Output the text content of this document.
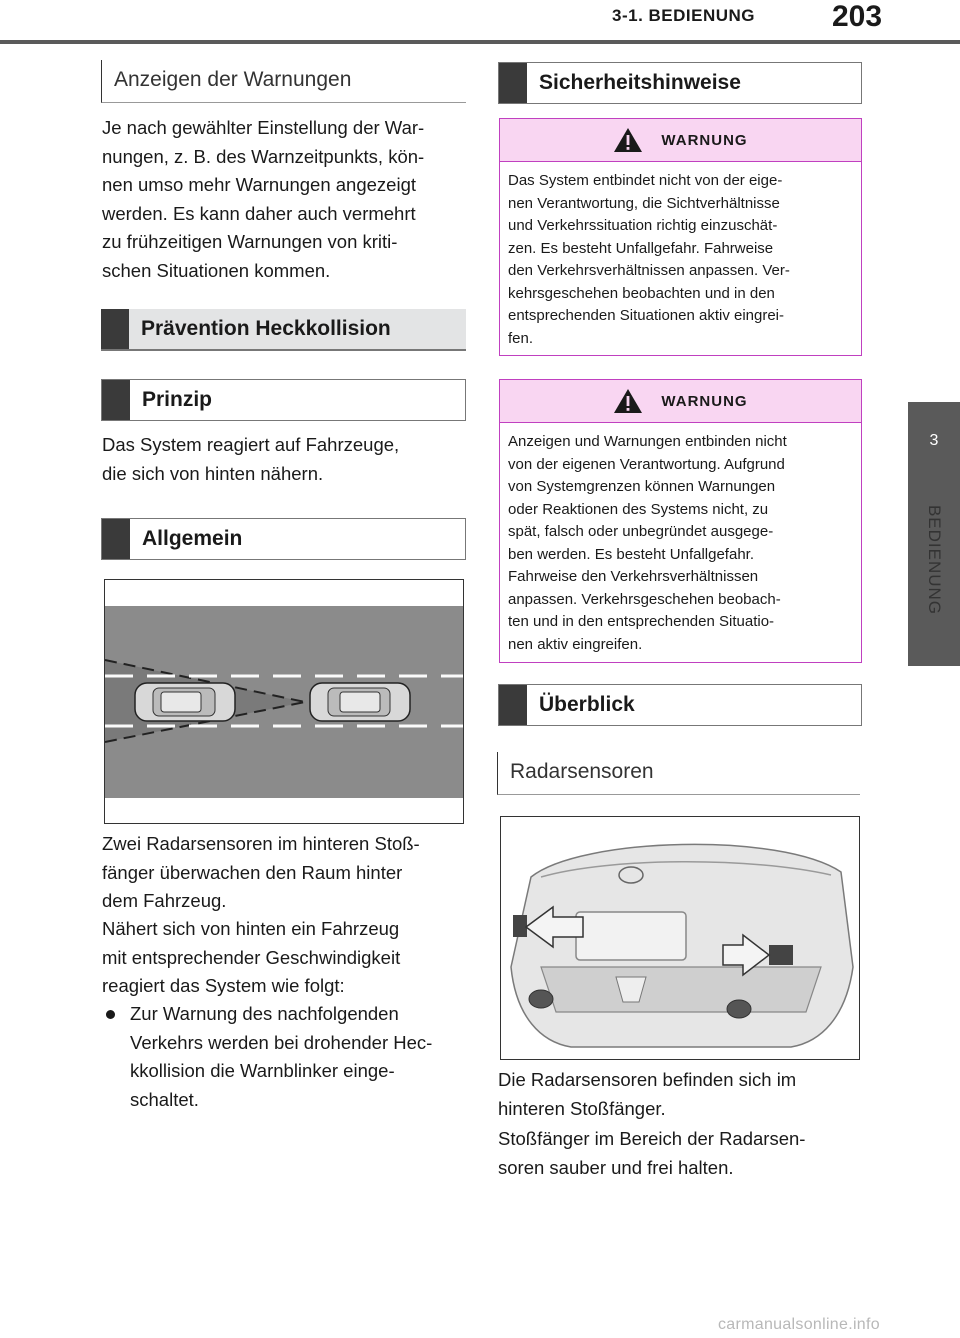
3-1. BEDIENUNG	203
3
BEDIENUNG
Anzeigen der Warnungen
Je nach gewählter Einstellung der War-
nungen, z. B. des Warnzeitpunkts, kön-
nen umso mehr Warnungen angezeigt
werden. Es kann daher auch vermehrt
zu frühzeitigen Warnungen von kriti-
schen Situationen kommen.
Prävention Heckkollision
Prinzip
Das System reagiert auf Fahrzeuge,
die sich von hinten nähern.
Allgemein
Zwei Radarsensoren im hinteren Stoß-
fänger überwachen den Raum hinter
dem Fahrzeug.
Nähert sich von hinten ein Fahrzeug
mit entsprechender Geschwindigkeit
reagiert das System wie folgt:
Zur Warnung des nachfolgenden
Verkehrs werden bei drohender Hec-
kkollision die Warnblinker einge-
schaltet.
Sicherheitshinweise
WARNUNG
Das System entbindet nicht von der eige-
nen Verantwortung, die Sichtverhältnisse
und Verkehrssituation richtig einzuschät-
zen. Es besteht Unfallgefahr. Fahrweise
den Verkehrsverhältnissen anpassen. Ver-
kehrsgeschehen beobachten und in den
entsprechenden Situationen aktiv eingrei-
fen.
WARNUNG
Anzeigen und Warnungen entbinden nicht
von der eigenen Verantwortung. Aufgrund
von Systemgrenzen können Warnungen
oder Reaktionen des Systems nicht, zu
spät, falsch oder unbegründet ausgege-
ben werden. Es besteht Unfallgefahr.
Fahrweise den Verkehrsverhältnissen
anpassen. Verkehrsgeschehen beobach-
ten und in den entsprechenden Situatio-
nen aktiv eingreifen.
Überblick
Radarsensoren
Die Radarsensoren befinden sich im
hinteren Stoßfänger.
Stoßfänger im Bereich der Radarsen-
soren sauber und frei halten.
carmanualsonline.info
